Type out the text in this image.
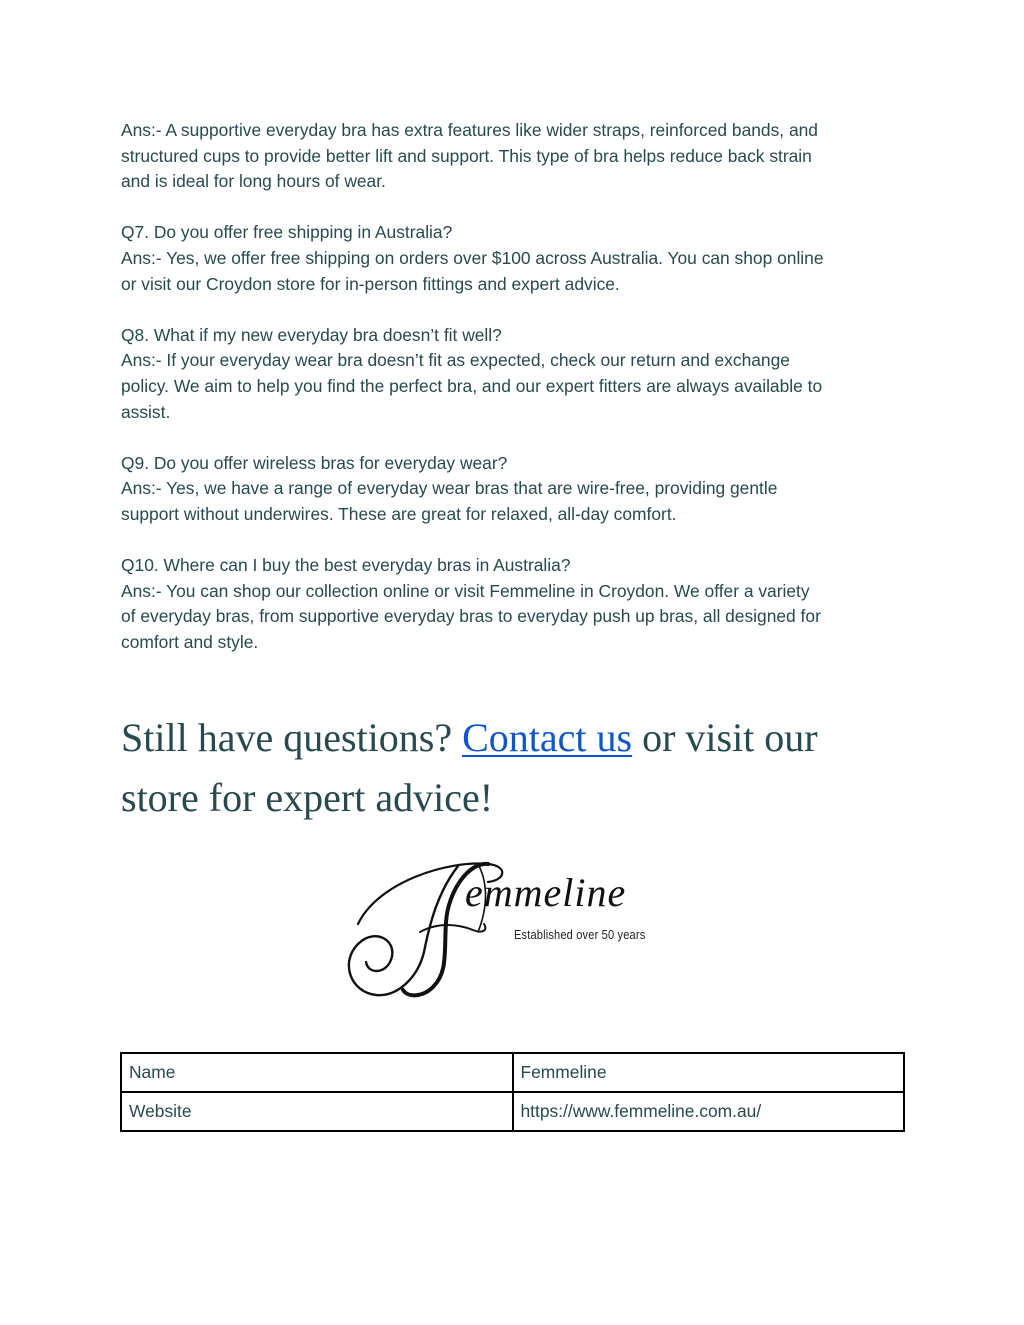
Ans:- A supportive everyday bra has extra features like wider straps, reinforced bands, and
structured cups to provide better lift and support. This type of bra helps reduce back strain
and is ideal for long hours of wear.

Q7. Do you offer free shipping in Australia?
Ans:- Yes, we offer free shipping on orders over $100 across Australia. You can shop online
or visit our Croydon store for in-person fittings and expert advice.

Q8. What if my new everyday bra doesn’t fit well?
Ans:- If your everyday wear bra doesn’t fit as expected, check our return and exchange
policy. We aim to help you find the perfect bra, and our expert fitters are always available to
assist.

Q9. Do you offer wireless bras for everyday wear?
Ans:- Yes, we have a range of everyday wear bras that are wire-free, providing gentle
support without underwires. These are great for relaxed, all-day comfort.

Q10. Where can I buy the best everyday bras in Australia?
Ans:- You can shop our collection online or visit Femmeline in Croydon. We offer a variety
of everyday bras, from supportive everyday bras to everyday push up bras, all designed for
comfort and style.

Still have questions? Contact us or visit our
store for expert advice!
emmeline
Established over 50 years
Name	Femmeline
Website	https://www.femmeline.com.au/
